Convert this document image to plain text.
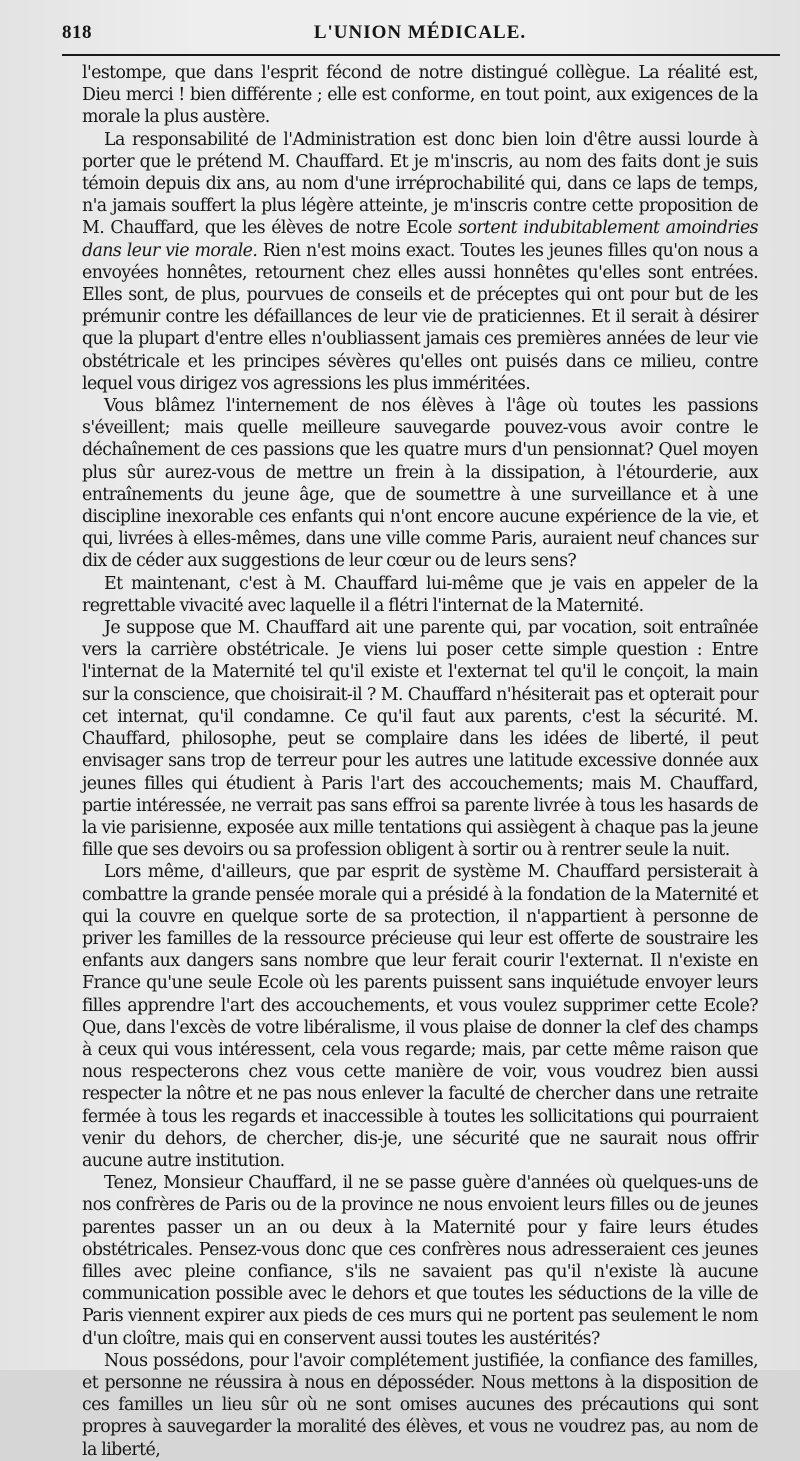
818	L'UNION MÉDICALE.

l'estompe, que dans l'esprit fécond de notre distingué collègue. La réalité est, Dieu merci ! bien différente ; elle est conforme, en tout point, aux exigences de la morale la plus austère.

La responsabilité de l'Administration est donc bien loin d'être aussi lourde à porter que le prétend M. Chauffard. Et je m'inscris, au nom des faits dont je suis témoin depuis dix ans, au nom d'une irréprochabilité qui, dans ce laps de temps, n'a jamais souffert la plus légère atteinte, je m'inscris contre cette proposition de M. Chauffard, que les élèves de notre Ecole sortent indubitablement amoindries dans leur vie morale. Rien n'est moins exact. Toutes les jeunes filles qu'on nous a envoyées honnêtes, retournent chez elles aussi honnêtes qu'elles sont entrées. Elles sont, de plus, pourvues de conseils et de préceptes qui ont pour but de les prémunir contre les défaillances de leur vie de praticiennes. Et il serait à désirer que la plupart d'entre elles n'oubliassent jamais ces premières années de leur vie obstétricale et les principes sévères qu'elles ont puisés dans ce milieu, contre lequel vous dirigez vos agressions les plus imméritées.

Vous blâmez l'internement de nos élèves à l'âge où toutes les passions s'éveillent; mais quelle meilleure sauvegarde pouvez-vous avoir contre le déchaînement de ces passions que les quatre murs d'un pensionnat? Quel moyen plus sûr aurez-vous de mettre un frein à la dissipation, à l'étourderie, aux entraînements du jeune âge, que de soumettre à une surveillance et à une discipline inexorable ces enfants qui n'ont encore aucune expérience de la vie, et qui, livrées à elles-mêmes, dans une ville comme Paris, auraient neuf chances sur dix de céder aux suggestions de leur cœur ou de leurs sens?

Et maintenant, c'est à M. Chauffard lui-même que je vais en appeler de la regrettable vivacité avec laquelle il a flétri l'internat de la Maternité.

Je suppose que M. Chauffard ait une parente qui, par vocation, soit entraînée vers la carrière obstétricale. Je viens lui poser cette simple question : Entre l'internat de la Maternité tel qu'il existe et l'externat tel qu'il le conçoit, la main sur la conscience, que choisirait-il ? M. Chauffard n'hésiterait pas et opterait pour cet internat, qu'il condamne. Ce qu'il faut aux parents, c'est la sécurité. M. Chauffard, philosophe, peut se complaire dans les idées de liberté, il peut envisager sans trop de terreur pour les autres une latitude excessive donnée aux jeunes filles qui étudient à Paris l'art des accouchements; mais M. Chauffard, partie intéressée, ne verrait pas sans effroi sa parente livrée à tous les hasards de la vie parisienne, exposée aux mille tentations qui assiègent à chaque pas la jeune fille que ses devoirs ou sa profession obligent à sortir ou à rentrer seule la nuit.

Lors même, d'ailleurs, que par esprit de système M. Chauffard persisterait à combattre la grande pensée morale qui a présidé à la fondation de la Maternité et qui la couvre en quelque sorte de sa protection, il n'appartient à personne de priver les familles de la ressource précieuse qui leur est offerte de soustraire les enfants aux dangers sans nombre que leur ferait courir l'externat. Il n'existe en France qu'une seule Ecole où les parents puissent sans inquiétude envoyer leurs filles apprendre l'art des accouchements, et vous voulez supprimer cette Ecole? Que, dans l'excès de votre libéralisme, il vous plaise de donner la clef des champs à ceux qui vous intéressent, cela vous regarde; mais, par cette même raison que nous respecterons chez vous cette manière de voir, vous voudrez bien aussi respecter la nôtre et ne pas nous enlever la faculté de chercher dans une retraite fermée à tous les regards et inaccessible à toutes les sollicitations qui pourraient venir du dehors, de chercher, dis-je, une sécurité que ne saurait nous offrir aucune autre institution.

Tenez, Monsieur Chauffard, il ne se passe guère d'années où quelques-uns de nos confrères de Paris ou de la province ne nous envoient leurs filles ou de jeunes parentes passer un an ou deux à la Maternité pour y faire leurs études obstétricales. Pensez-vous donc que ces confrères nous adresseraient ces jeunes filles avec pleine confiance, s'ils ne savaient pas qu'il n'existe là aucune communication possible avec le dehors et que toutes les séductions de la ville de Paris viennent expirer aux pieds de ces murs qui ne portent pas seulement le nom d'un cloître, mais qui en conservent aussi toutes les austérités?

Nous possédons, pour l'avoir complétement justifiée, la confiance des familles, et personne ne réussira à nous en déposséder. Nous mettons à la disposition de ces familles un lieu sûr où ne sont omises aucunes des précautions qui sont propres à sauvegarder la moralité des élèves, et vous ne voudrez pas, au nom de la liberté,
